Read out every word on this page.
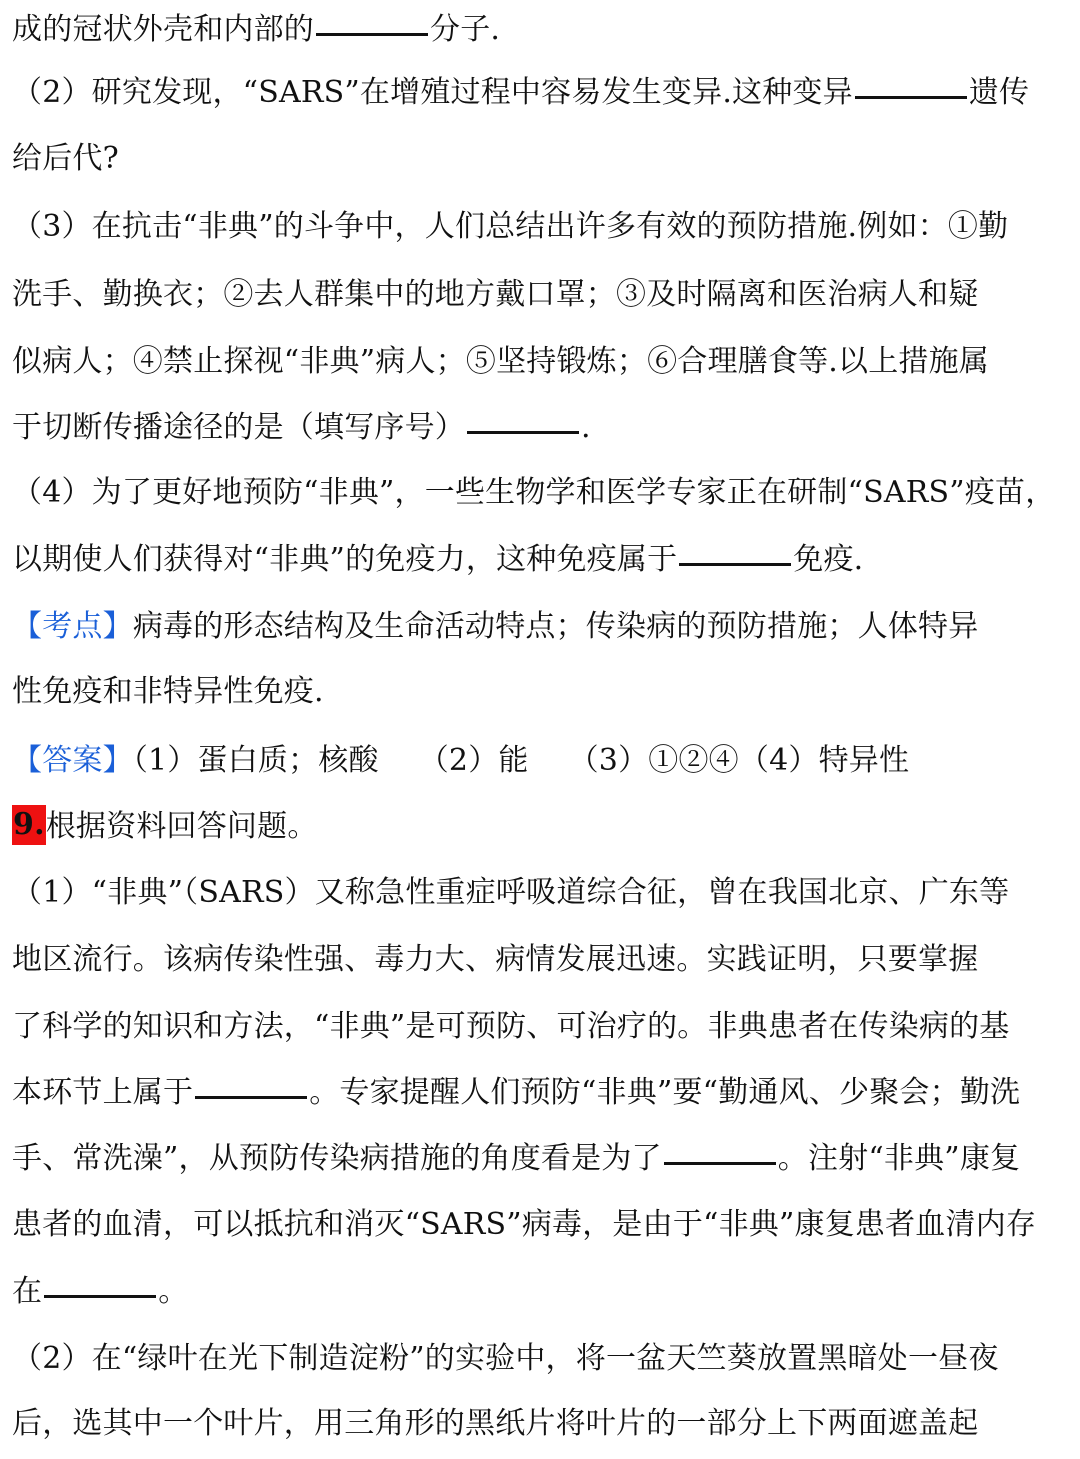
成的冠状外壳和内部的	分子.
（2）研究发现，“SARS”在增殖过程中容易发生变异.这种变异	遗传
给后代?
（3）在抗击“非典”的斗争中，人们总结出许多有效的预防措施.例如：①勤
洗手、勤换衣；②去人群集中的地方戴口罩；③及时隔离和医治病人和疑
似病人；④禁止探视“非典”病人；⑤坚持锻炼；⑥合理膳食等.以上措施属
于切断传播途径的是（填写序号）	.
（4）为了更好地预防“非典”，一些生物学和医学专家正在研制“SARS”疫苗，
以期使人们获得对“非典”的免疫力，这种免疫属于	免疫.
【考点】病毒的形态结构及生命活动特点；传染病的预防措施；人体特异
性免疫和非特异性免疫.
【答案】（1）蛋白质；核酸 （2）能 （3）①②④（4）特异性
9.根据资料回答问题。
（1）“非典”（SARS）又称急性重症呼吸道综合征，曾在我国北京、广东等
地区流行。该病传染性强、毒力大、病情发展迅速。实践证明，只要掌握
了科学的知识和方法，“非典”是可预防、可治疗的。非典患者在传染病的基
本环节上属于	。专家提醒人们预防“非典”要“勤通风、少聚会；勤洗
手、常洗澡”，从预防传染病措施的角度看是为了	。注射“非典”康复
患者的血清，可以抵抗和消灭“SARS”病毒，是由于“非典”康复患者血清内存
在	。
（2）在“绿叶在光下制造淀粉”的实验中，将一盆天竺葵放置黑暗处一昼夜
后，选其中一个叶片，用三角形的黑纸片将叶片的一部分上下两面遮盖起
